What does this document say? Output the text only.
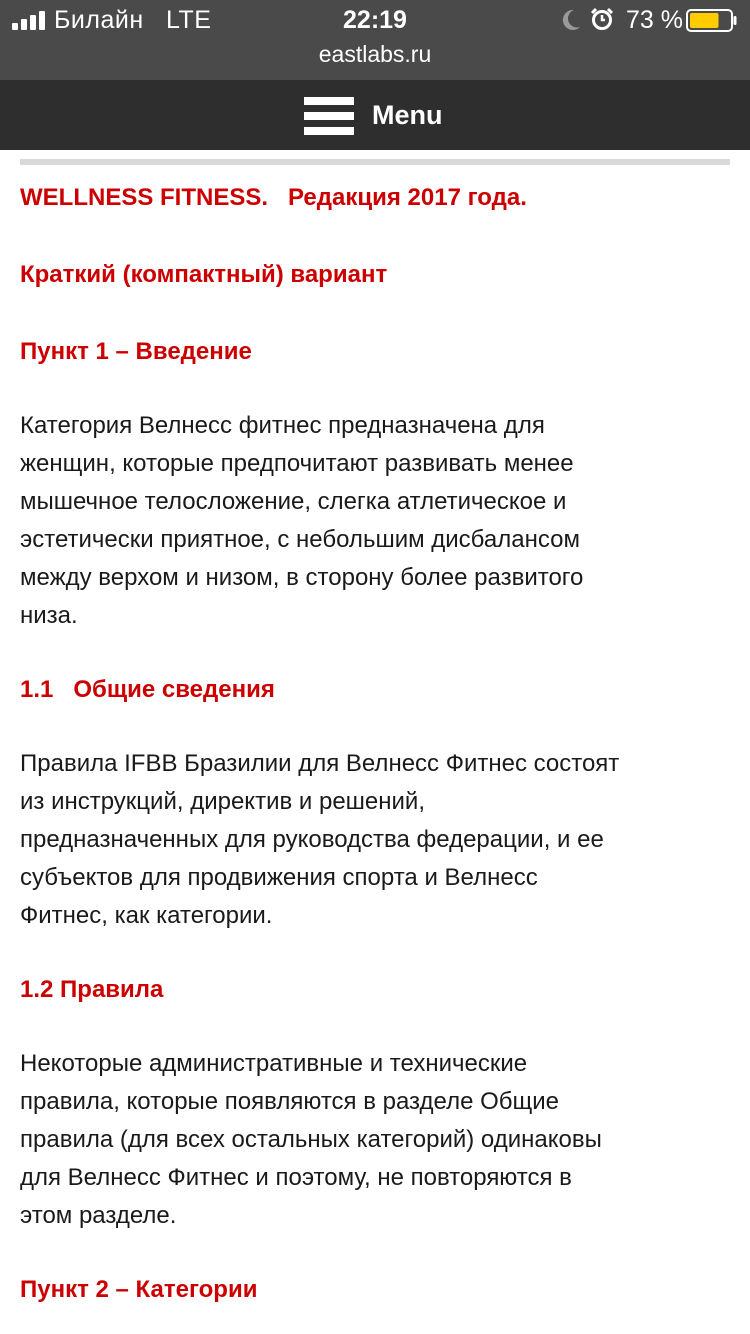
Билайн   LTE	22:19	73 %
eastlabs.ru
Menu
WELLNESS FITNESS.   Редакция 2017 года.
Краткий (компактный) вариант
Пункт 1 – Введение
Категория Велнесс фитнес предназначена для
женщин, которые предпочитают развивать менее
мышечное телосложение, слегка атлетическое и
эстетически приятное, с небольшим дисбалансом
между верхом и низом, в сторону более развитого
низа.
1.1   Общие сведения
Правила IFBB Бразилии для Велнесс Фитнес состоят
из инструкций, директив и решений,
предназначенных для руководства федерации, и ее
субъектов для продвижения спорта и Велнесс
Фитнес, как категории.
1.2 Правила
Некоторые административные и технические
правила, которые появляются в разделе Общие
правила (для всех остальных категорий) одинаковы
для Велнесс Фитнес и поэтому, не повторяются в
этом разделе.
Пункт 2 – Категории
